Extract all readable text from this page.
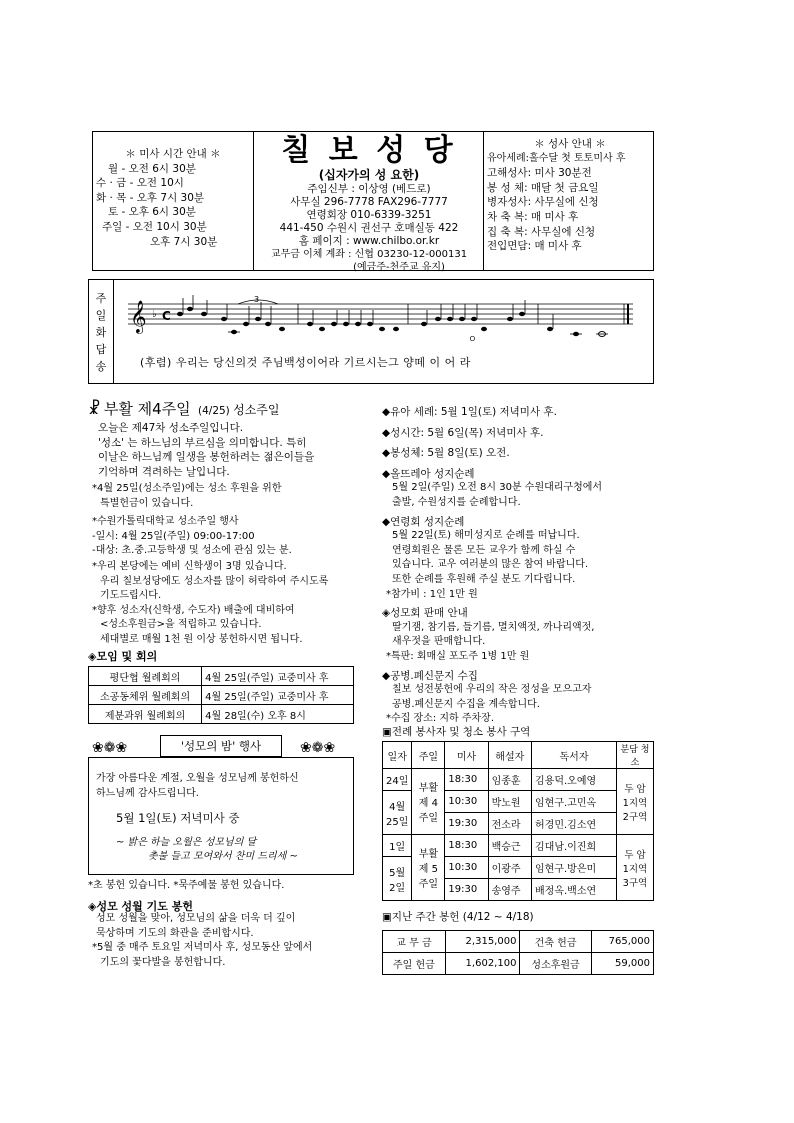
＊ 미사 시간 안내 ＊
월 - 오전 6시 30분
수 · 금 - 오전 10시
화 · 목 - 오후 7시 30분
토 - 오후 6시 30분
주일 - 오전 10시 30분
오후 7시 30분
칠 보 성 당
(십자가의 성 요한)
주임신부 : 이상영 (베드로)
사무실 296-7778 FAX296-7777
연령회장 010-6339-3251
441-450 수원시 권선구 호매실동 422
홈 페이지 : www.chilbo.or.kr
교무금 이체 계좌 : 신협 03230-12-000131
(예금주-천주교 유지)
＊ 성사 안내 ＊
유아세례:홀수달 첫 토토미사 후
고해성사: 미사 30분전
봉 성 체: 매달 첫 금요일
병자성사: 사무실에 신청
차 축 복: 매 미사 후
집 축 복: 사무실에 신청
전입면담: 매 미사 후
주
일
화
답
송
𝄞 ♭ C
3
ㅇ
(후렴) 우리는 당신의것 주님백성이어라 기르시는그 양떼 이 어 라
☧ 부활 제4주일 (4/25) 성소주일
오늘은 제47차 성소주일입니다.
'성소' 는 하느님의 부르심을 의미합니다. 특히
이날은 하느님께 일생을 봉헌하려는 젊은이들을
기억하며 격려하는 날입니다.
*4월 25일(성소주일)에는 성소 후원을 위한
특별헌금이 있습니다.
*수원가톨릭대학교 성소주일 행사
-일시: 4월 25일(주일) 09:00-17:00
-대상: 초.중.고등학생 및 성소에 관심 있는 분.
*우리 본당에는 예비 신학생이 3명 있습니다.
우리 칠보성당에도 성소자를 많이 허락하여 주시도록
기도드립시다.
*향후 성소자(신학생, 수도자) 배출에 대비하여
<성소후원금>을 적립하고 있습니다.
세대별로 매월 1천 원 이상 봉헌하시면 됩니다.
◈모임 및 회의
평단협 월례회의	4월 25일(주일) 교중미사 후
소공동체위 월례회의	4월 25일(주일) 교중미사 후
제분과위 월례회의	4월 28일(수) 오후 8시
❀❁❀	❀❁❀
'성모의 밤' 행사
가장 아름다운 계절, 오월을 성모님께 봉헌하신
하느님께 감사드립니다.
5월 1일(토) 저녁미사 중
~ 밝은 하늘 오월은 성모님의 달
촛불 들고 모여와서 찬미 드리세 ~
*초 봉헌 있습니다. *묵주예물 봉헌 있습니다.
◈성모 성월 기도 봉헌
성모 성월을 맞아, 성모님의 삶을 더욱 더 깊이
묵상하며 기도의 화관을 준비합시다.
*5월 중 매주 토요일 저녁미사 후, 성모동산 앞에서
기도의 꽃다발을 봉헌합니다.
◆유아 세례: 5월 1일(토) 저녁미사 후.
◆성시간: 5월 6일(목) 저녁미사 후.
◆봉성체: 5월 8일(토) 오전.
◆올뜨레아 성지순례
5월 2일(주일) 오전 8시 30분 수원대리구청에서
출발, 수원성지를 순례합니다.
◆연령회 성지순례
5월 22일(토) 해미성지로 순례를 떠납니다.
연령회원은 물론 모든 교우가 함께 하실 수
있습니다. 교우 여러분의 많은 참여 바랍니다.
또한 순례를 후원해 주실 분도 기다립니다.
*참가비 : 1인 1만 원
◈성모회 판매 안내
딸기잼, 참기름, 들기름, 멸치액젓, 까나리액젓,
새우젓을 판매합니다.
*특판: 회매실 포도주 1병 1만 원
◆공병.폐신문지 수집
칠보 성전봉헌에 우리의 작은 정성을 모으고자
공병.폐신문지 수집을 계속합니다.
*수집 장소: 지하 주차장.
▣전례 봉사자 및 청소 봉사 구역
일자	주일	미사	해설자	독서자	분담 청소
24일	부활 제 4 주일	18:30	임종훈	김용덕.오예영	두 암 1지역 2구역
4월 25일		10:30	박노원	임현구.고민옥	
		19:30	전소라	허경민.김소연	
1일	부활 제 5 주일	18:30	백승근	김대남.이진희	두 암 1지역 3구역
5월 2일		10:30	이광주	임현구.방은미	
		19:30	송영주	배정옥.백소연	
▣지난 주간 봉헌 (4/12 ~ 4/18)
교 무 금	2,315,000	건축 헌금	765,000
주일 헌금	1,602,100	성소후원금	59,000
